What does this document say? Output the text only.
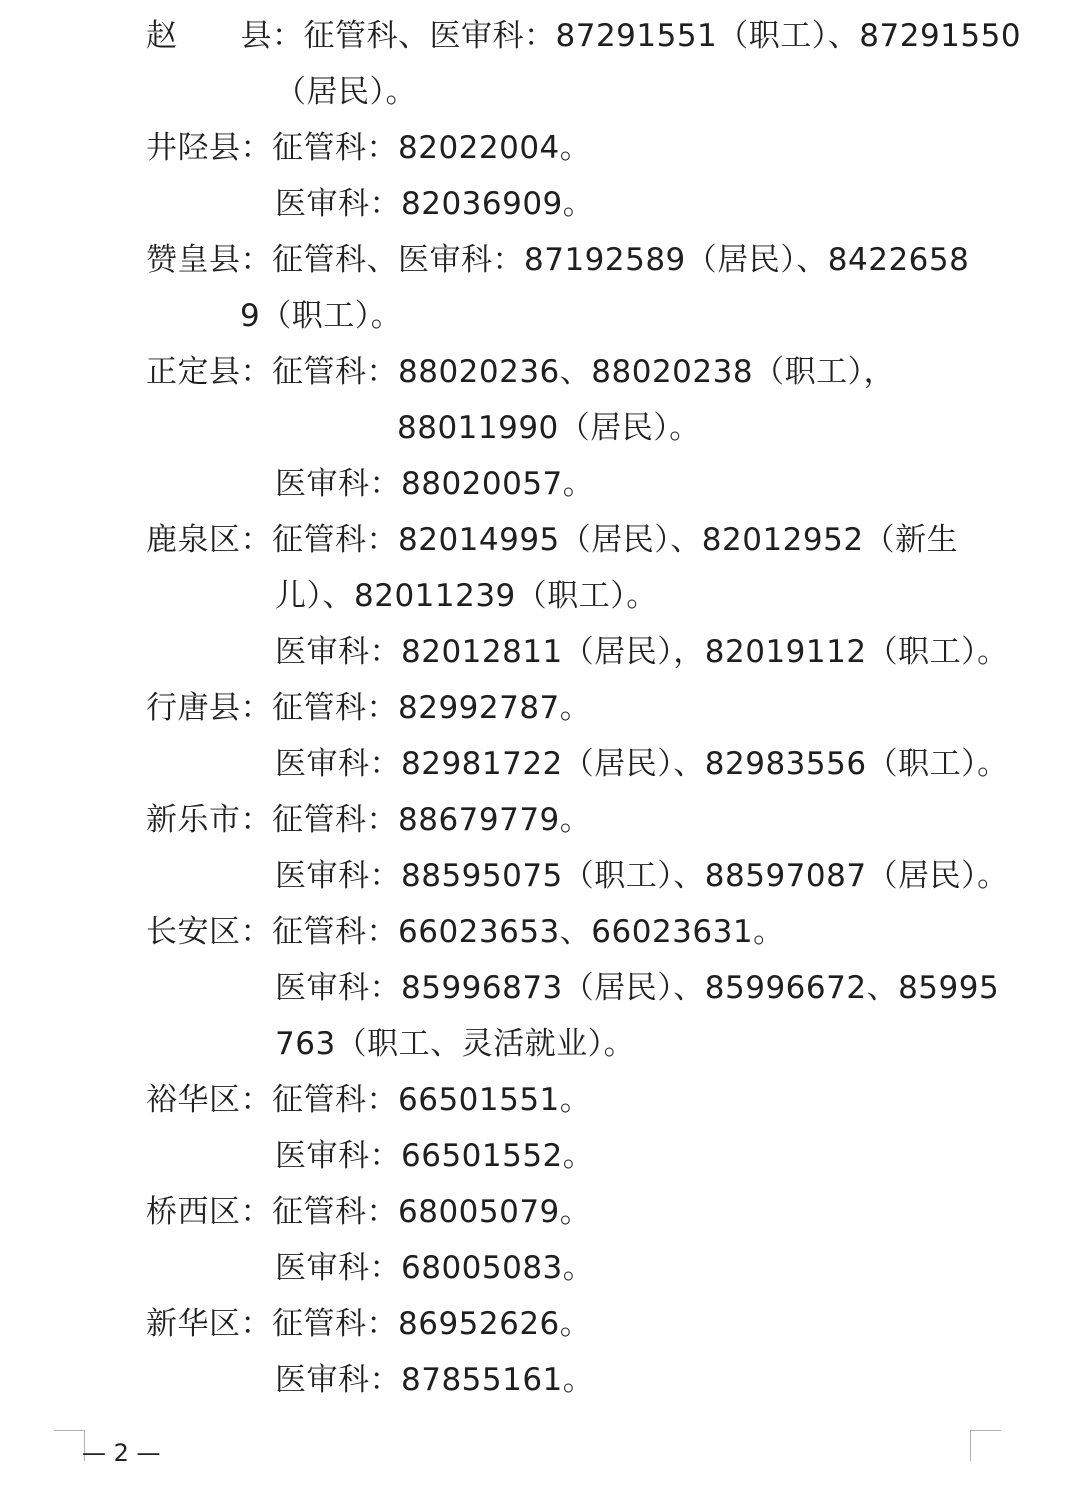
赵　　县：征管科、医审科：87291551（职工）、87291550
（居民）。
井陉县：征管科：82022004。
医审科：82036909。
赞皇县：征管科、医审科：87192589（居民）、8422658
9（职工）。
正定县：征管科：88020236、88020238（职工），
88011990（居民）。
医审科：88020057。
鹿泉区：征管科：82014995（居民）、82012952（新生
儿）、82011239（职工）。
医审科：82012811（居民），82019112（职工）。
行唐县：征管科：82992787。
医审科：82981722（居民）、82983556（职工）。
新乐市：征管科：88679779。
医审科：88595075（职工）、88597087（居民）。
长安区：征管科：66023653、66023631。
医审科：85996873（居民）、85996672、85995
763（职工、灵活就业）。
裕华区：征管科：66501551。
医审科：66501552。
桥西区：征管科：68005079。
医审科：68005083。
新华区：征管科：86952626。
医审科：87855161。
— 2 —
